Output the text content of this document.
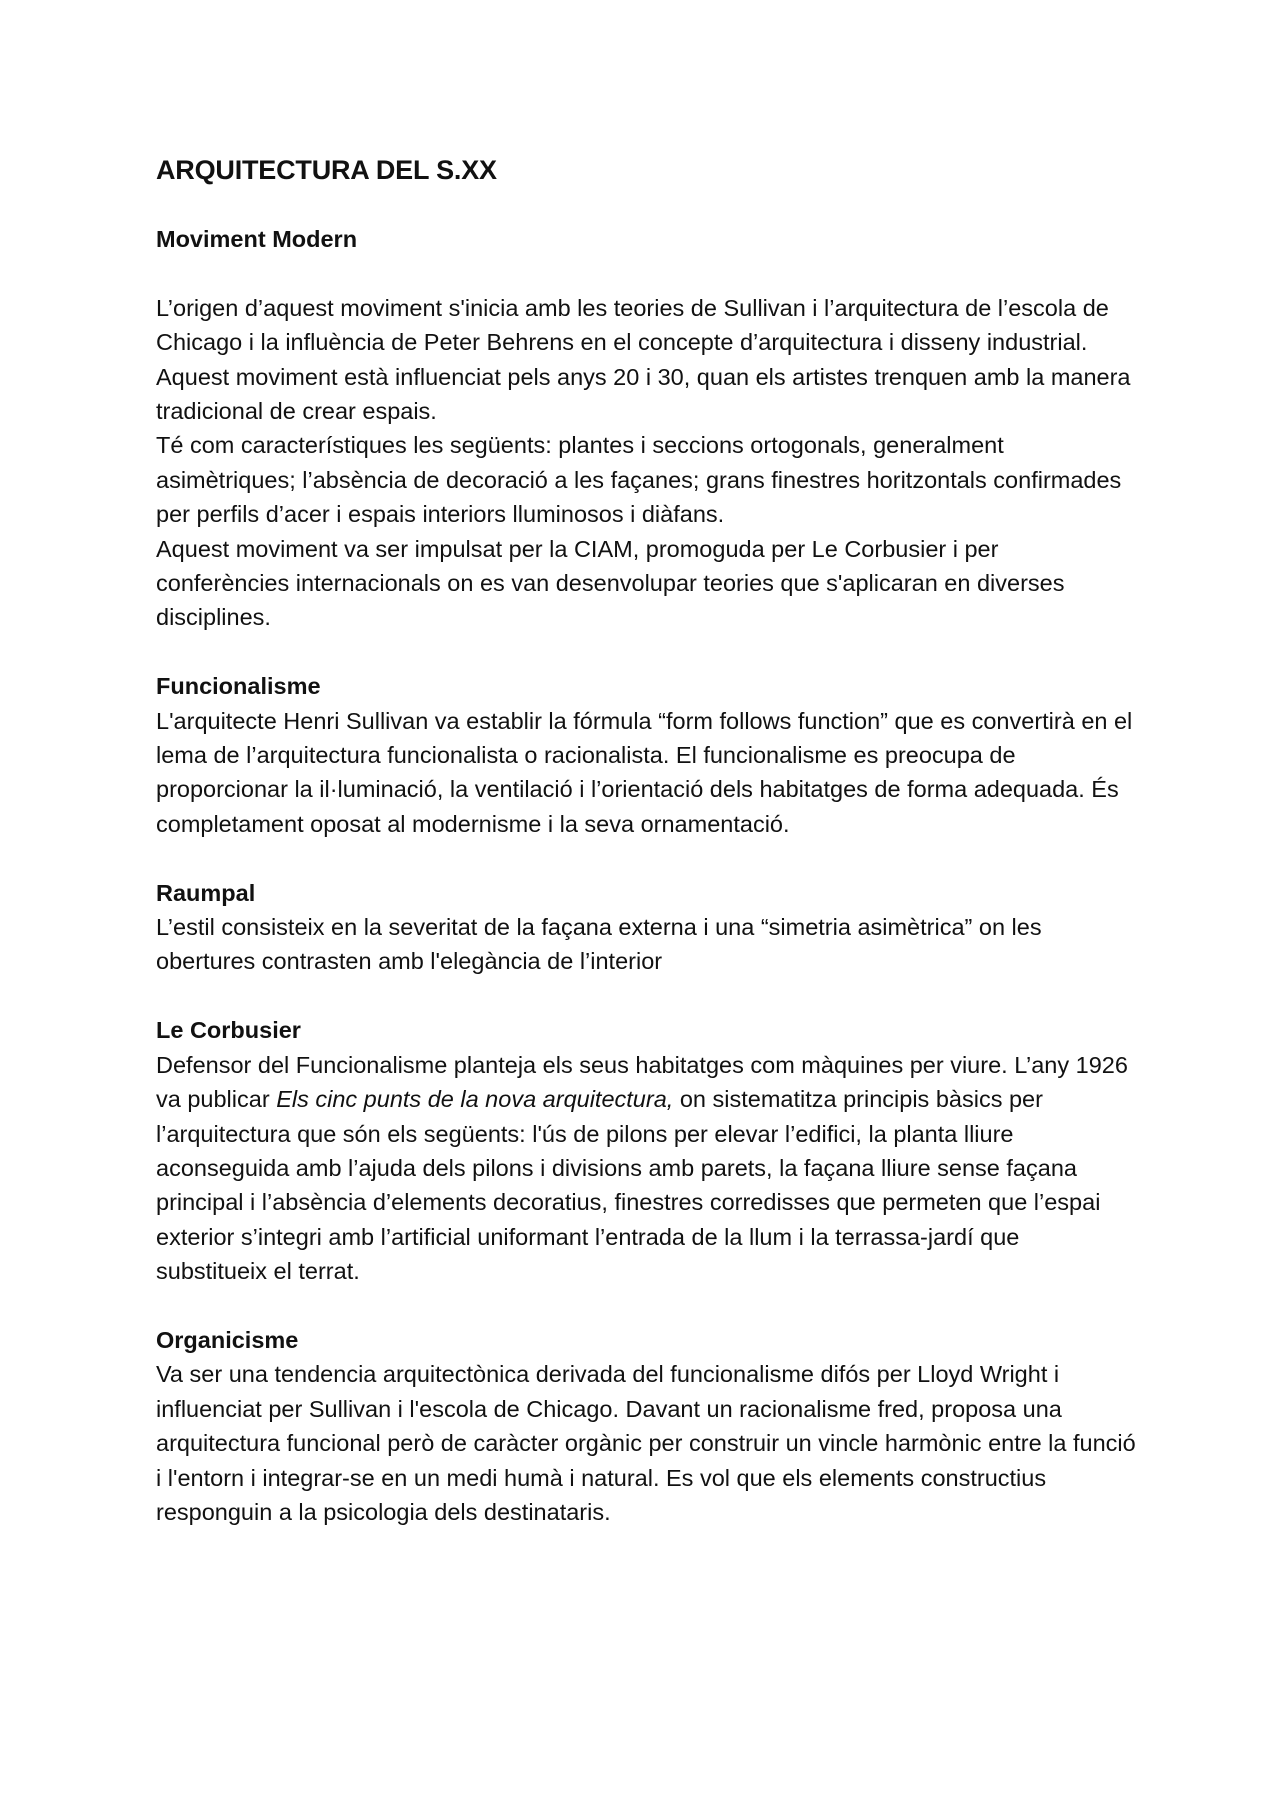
ARQUITECTURA DEL S.XX
Moviment Modern

L’origen d’aquest moviment s'inicia amb les teories de Sullivan i l’arquitectura de l’escola de Chicago i la influència de Peter Behrens en el concepte d’arquitectura i disseny industrial.

Aquest moviment està influenciat pels anys 20 i 30, quan els artistes trenquen amb la manera tradicional de crear espais.

Té com característiques les següents: plantes i seccions ortogonals, generalment asimètriques; l’absència de decoració a les façanes; grans finestres horitzontals confirmades per perfils d’acer i espais interiors lluminosos i diàfans.

Aquest moviment va ser impulsat per la CIAM, promoguda per Le Corbusier i per conferències internacionals on es van desenvolupar teories que s'aplicaran en diverses disciplines.

Funcionalisme

L'arquitecte Henri Sullivan va establir la fórmula “form follows function” que es convertirà en el lema de l’arquitectura funcionalista o racionalista. El funcionalisme es preocupa de proporcionar la il·luminació, la ventilació i l’orientació dels habitatges de forma adequada. És completament oposat al modernisme i la seva ornamentació.

Raumpal

L’estil consisteix en la severitat de la façana externa i una “simetria asimètrica” on les obertures contrasten amb l'elegància de l’interior

Le Corbusier

Defensor del Funcionalisme planteja els seus habitatges com màquines per viure. L’any 1926 va publicar Els cinc punts de la nova arquitectura, on sistematitza principis bàsics per l’arquitectura que són els següents: l'ús de pilons per elevar l’edifici, la planta lliure aconseguida amb l’ajuda dels pilons i divisions amb parets, la façana lliure sense façana principal i l’absència d’elements decoratius, finestres corredisses que permeten que l’espai exterior s’integri amb l’artificial uniformant l’entrada de la llum i la terrassa-jardí que substitueix el terrat.

Organicisme

Va ser una tendencia arquitectònica derivada del funcionalisme difós per Lloyd Wright i influenciat per Sullivan i l'escola de Chicago. Davant un racionalisme fred, proposa una arquitectura funcional però de caràcter orgànic per construir un vincle harmònic entre la funció i l'entorn i integrar-se en un medi humà i natural. Es vol que els elements constructius responguin a la psicologia dels destinataris.
